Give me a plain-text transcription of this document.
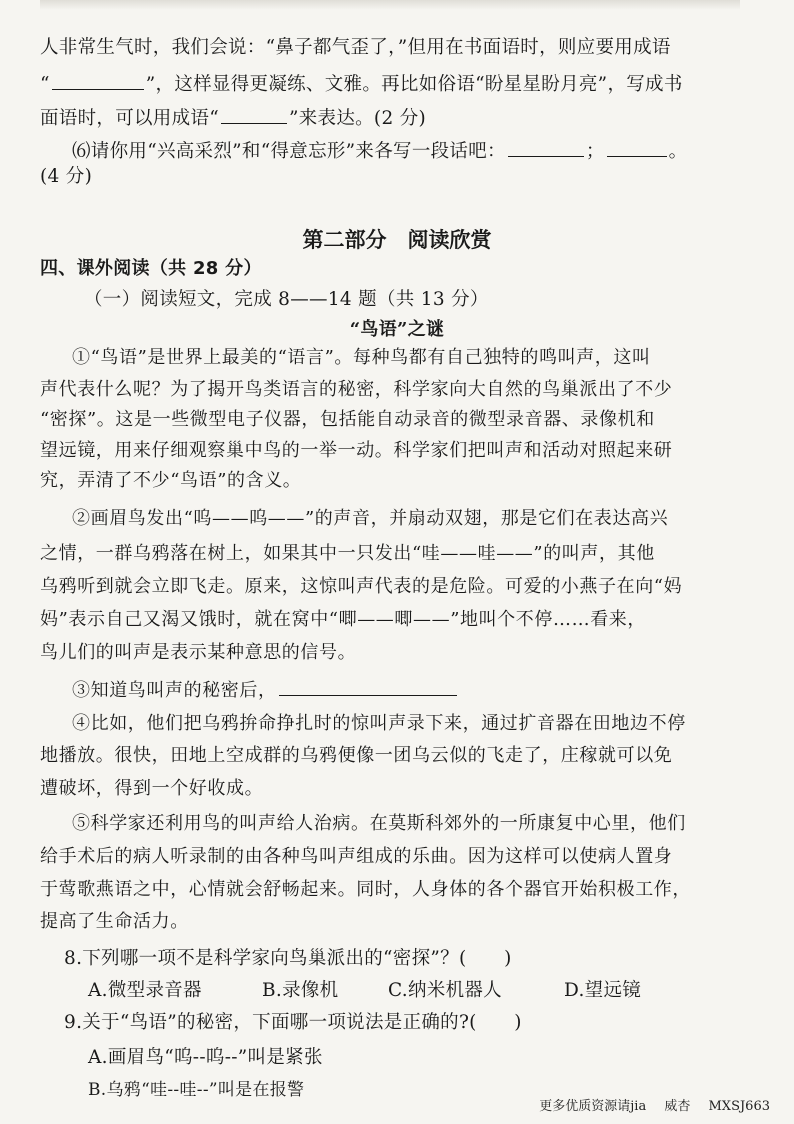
人非常生气时，我们会说：“鼻子都气歪了，”但用在书面语时，则应要用成语
“	”，这样显得更凝练、文雅。再比如俗语“盼星星盼月亮”，写成书
面语时，可以用成语“	”来表达。(2 分)
⑹请你用“兴高采烈”和“得意忘形”来各写一段话吧：	；	。
(4 分)
第二部分　阅读欣赏
四、课外阅读（共 28 分）
（一）阅读短文，完成 8——14 题（共 13 分）
“鸟语”之谜
①“鸟语”是世界上最美的“语言”。每种鸟都有自己独特的鸣叫声，这叫
声代表什么呢？为了揭开鸟类语言的秘密，科学家向大自然的鸟巢派出了不少
“密探”。这是一些微型电子仪器，包括能自动录音的微型录音器、录像机和
望远镜，用来仔细观察巢中鸟的一举一动。科学家们把叫声和活动对照起来研
究，弄清了不少“鸟语”的含义。
②画眉鸟发出“呜——呜——”的声音，并扇动双翅，那是它们在表达高兴
之情，一群乌鸦落在树上，如果其中一只发出“哇——哇——”的叫声，其他
乌鸦听到就会立即飞走。原来，这惊叫声代表的是危险。可爱的小燕子在向“妈
妈”表示自己又渴又饿时，就在窝中“唧——唧——”地叫个不停……看来，
鸟儿们的叫声是表示某种意思的信号。
③知道鸟叫声的秘密后，
④比如，他们把乌鸦拚命挣扎时的惊叫声录下来，通过扩音器在田地边不停
地播放。很快，田地上空成群的乌鸦便像一团乌云似的飞走了，庄稼就可以免
遭破坏，得到一个好收成。
⑤科学家还利用鸟的叫声给人治病。在莫斯科郊外的一所康复中心里，他们
给手术后的病人听录制的由各种鸟叫声组成的乐曲。因为这样可以使病人置身
于莺歌燕语之中，心情就会舒畅起来。同时，人身体的各个器官开始积极工作，
提高了生命活力。
8.下列哪一项不是科学家向鸟巢派出的“密探”？(　　)
A.微型录音器	B.录像机	C.纳米机器人	D.望远镜
9.关于“鸟语”的秘密，下面哪一项说法是正确的?(　　)
A.画眉鸟“呜--呜--”叫是紧张
B.乌鸦“哇--哇--”叫是在报警
更多优质资源请jia 威杏 MXSJ663
